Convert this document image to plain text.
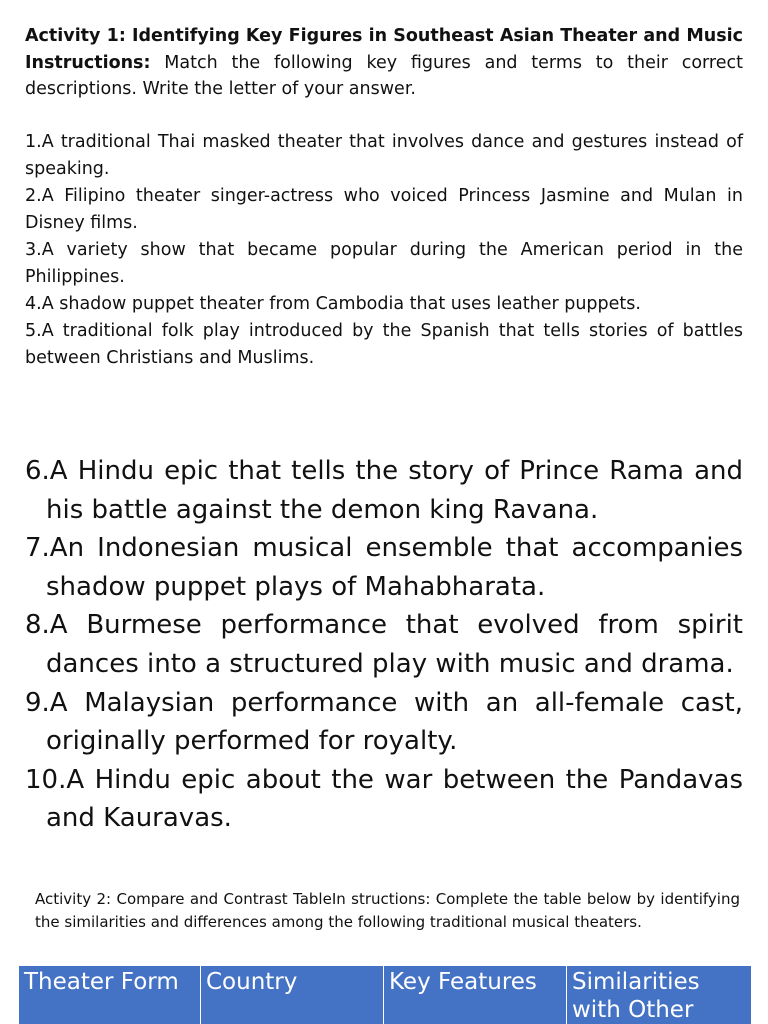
Activity 1: Identifying Key Figures in Southeast Asian Theater and Music Instructions: Match the following key figures and terms to their correct descriptions. Write the letter of your answer.

1.A traditional Thai masked theater that involves dance and gestures instead of speaking.

2.A Filipino theater singer-actress who voiced Princess Jasmine and Mulan in Disney films.

3.A variety show that became popular during the American period in the Philippines.

4.A shadow puppet theater from Cambodia that uses leather puppets.

5.A traditional folk play introduced by the Spanish that tells stories of battles between Christians and Muslims.

6.A Hindu epic that tells the story of Prince Rama and his battle against the demon king Ravana.

7.An Indonesian musical ensemble that accompanies shadow puppet plays of Mahabharata.

8.A Burmese performance that evolved from spirit dances into a structured play with music and drama.

9.A Malaysian performance with an all-female cast, originally performed for royalty.

10.A Hindu epic about the war between the Pandavas and Kauravas.

Activity 2: Compare and Contrast TableIn structions: Complete the table below by identifying the similarities and differences among the following traditional musical theaters.
Theater Form	Country	Key Features	Similarities with Other
